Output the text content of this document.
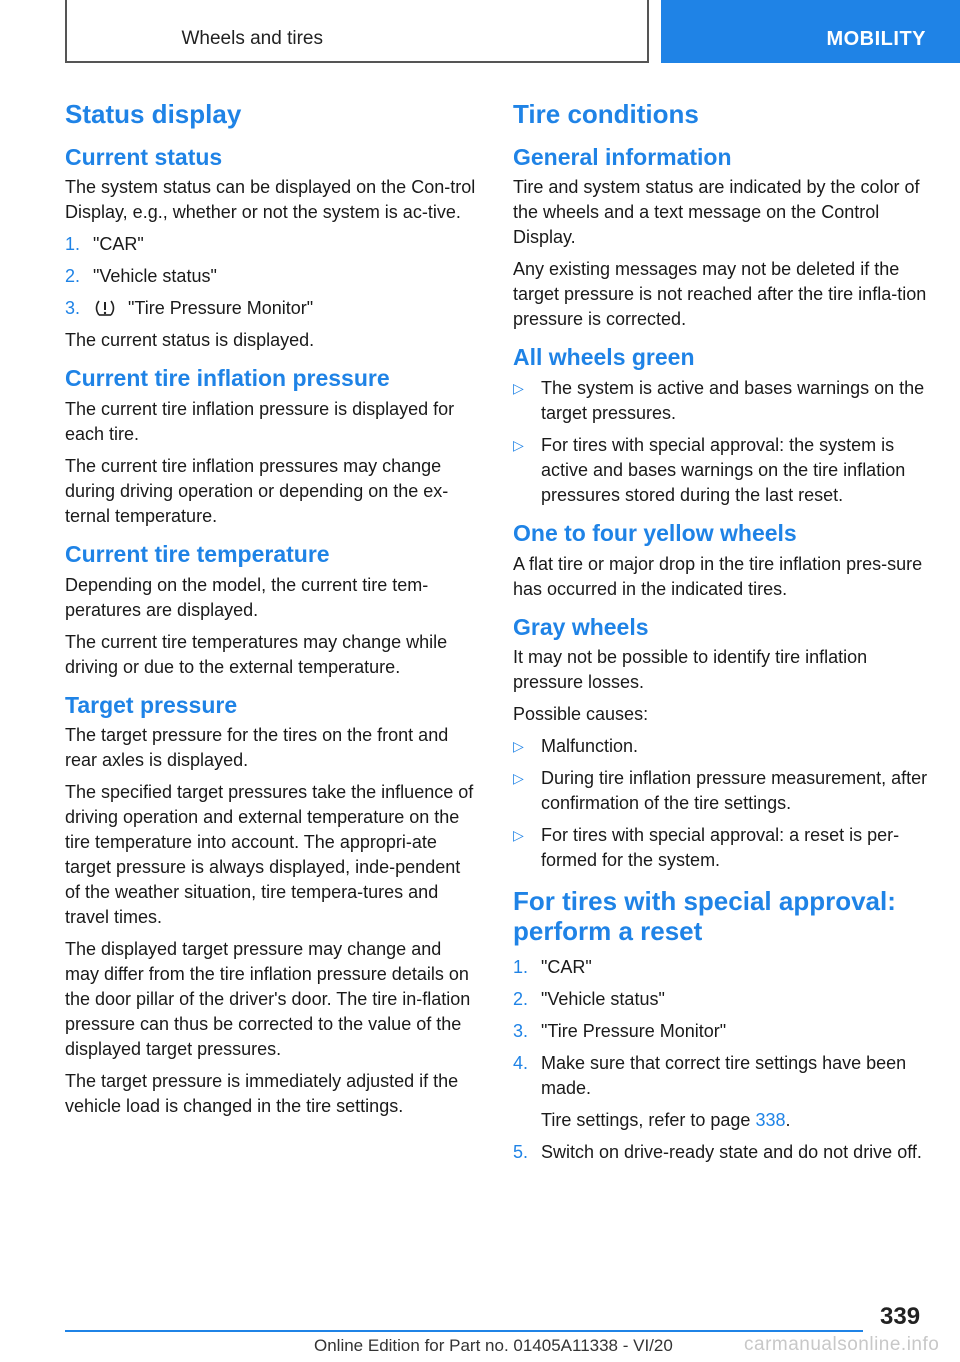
Wheels and tires	MOBILITY
Status display
Current status

The system status can be displayed on the Con-trol Display, e.g., whether or not the system is ac-tive.

1. "CAR"
2. "Vehicle status"
3.	"Tire Pressure Monitor"

The current status is displayed.

Current tire inflation pressure

The current tire inflation pressure is displayed for each tire.

The current tire inflation pressures may change during driving operation or depending on the ex-ternal temperature.

Current tire temperature

Depending on the model, the current tire tem-peratures are displayed.

The current tire temperatures may change while driving or due to the external temperature.

Target pressure

The target pressure for the tires on the front and rear axles is displayed.

The specified target pressures take the influence of driving operation and external temperature on the tire temperature into account. The appropri-ate target pressure is always displayed, inde-pendent of the weather situation, tire tempera-tures and travel times.

The displayed target pressure may change and may differ from the tire inflation pressure details on the door pillar of the driver's door. The tire in-flation pressure can thus be corrected to the value of the displayed target pressures.

The target pressure is immediately adjusted if the vehicle load is changed in the tire settings.

Tire conditions
General information

Tire and system status are indicated by the color of the wheels and a text message on the Control Display.

Any existing messages may not be deleted if the target pressure is not reached after the tire infla-tion pressure is corrected.

All wheels green
▷ The system is active and bases warnings on the target pressures.
▷ For tires with special approval: the system is active and bases warnings on the tire inflation pressures stored during the last reset.
One to four yellow wheels

A flat tire or major drop in the tire inflation pres-sure has occurred in the indicated tires.

Gray wheels

It may not be possible to identify tire inflation pressure losses.

Possible causes:

▷ Malfunction.
▷ During tire inflation pressure measurement, after confirmation of the tire settings.
▷ For tires with special approval: a reset is per-formed for the system.
For tires with special approval: perform a reset
1. "CAR"
2. "Vehicle status"
3. "Tire Pressure Monitor"
4. Make sure that correct tire settings have been made.

Tire settings, refer to page 338.

5. Switch on drive-ready state and do not drive off.
339
Online Edition for Part no. 01405A11338 - VI/20	carmanualsonline.info
